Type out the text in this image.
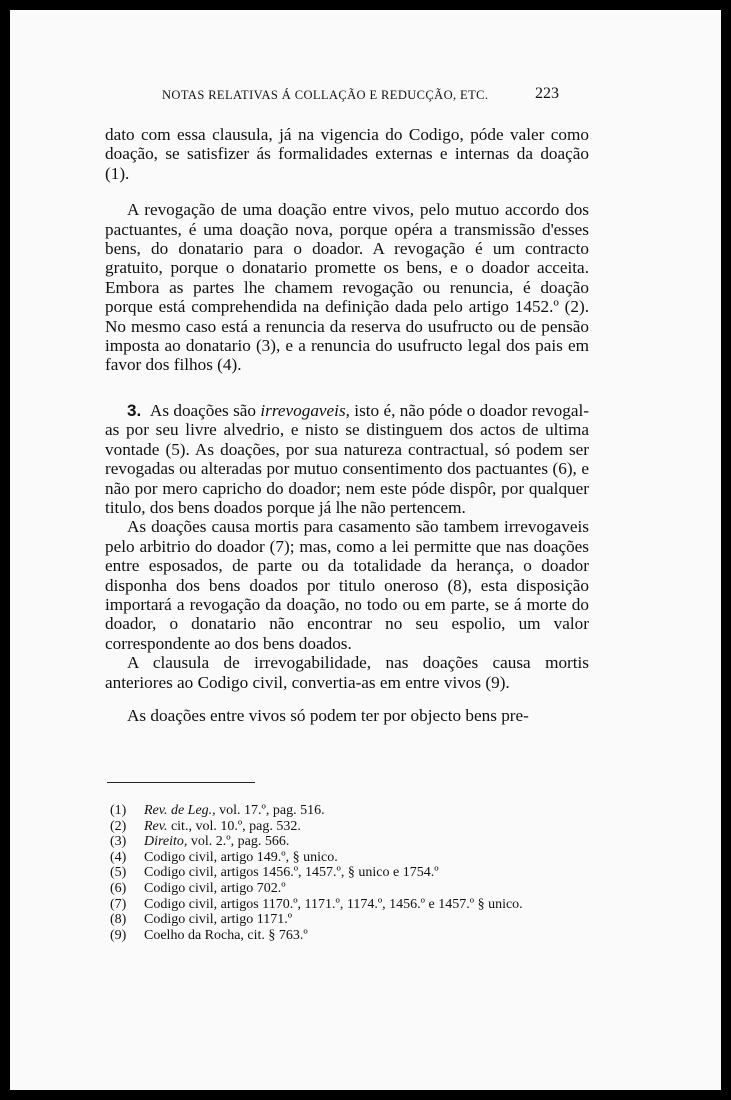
NOTAS RELATIVAS Á COLLAÇÃO E REDUCÇÃO, ETC.	223

dato com essa clausula, já na vigencia do Codigo, póde valer como doação, se satisfizer ás formalidades externas e internas da doação (1).

A revogação de uma doação entre vivos, pelo mutuo accordo dos pactuantes, é uma doação nova, porque opéra a transmissão d'esses bens, do donatario para o doador. A revogação é um contracto gratuito, porque o donatario promette os bens, e o doador acceita. Embora as partes lhe chamem revogação ou renuncia, é doação porque está comprehendida na definição dada pelo artigo 1452.º (2). No mesmo caso está a renuncia da reserva do usufructo ou de pensão imposta ao donatario (3), e a renuncia do usufructo legal dos pais em favor dos filhos (4).

3. As doações são irrevogaveis, isto é, não póde o doador revogal-as por seu livre alvedrio, e nisto se distinguem dos actos de ultima vontade (5). As doações, por sua natureza contractual, só podem ser revogadas ou alteradas por mutuo consentimento dos pactuantes (6), e não por mero capricho do doador; nem este póde dispôr, por qualquer titulo, dos bens doados porque já lhe não pertencem.

As doações causa mortis para casamento são tambem irrevogaveis pelo arbitrio do doador (7); mas, como a lei permitte que nas doações entre esposados, de parte ou da totalidade da herança, o doador disponha dos bens doados por titulo oneroso (8), esta disposição importará a revogação da doação, no todo ou em parte, se á morte do doador, o donatario não encontrar no seu espolio, um valor correspondente ao dos bens doados.

A clausula de irrevogabilidade, nas doações causa mortis anteriores ao Codigo civil, convertia-as em entre vivos (9).

As doações entre vivos só podem ter por objecto bens pre-

(1) Rev. de Leg., vol. 17.º, pag. 516.
(2) Rev. cit., vol. 10.º, pag. 532.
(3) Direito, vol. 2.º, pag. 566.
(4) Codigo civil, artigo 149.º, § unico.
(5) Codigo civil, artigos 1456.º, 1457.º, § unico e 1754.º
(6) Codigo civil, artigo 702.º
(7) Codigo civil, artigos 1170.º, 1171.º, 1174.º, 1456.º e 1457.º § unico.
(8) Codigo civil, artigo 1171.º
(9) Coelho da Rocha, cit. § 763.º
